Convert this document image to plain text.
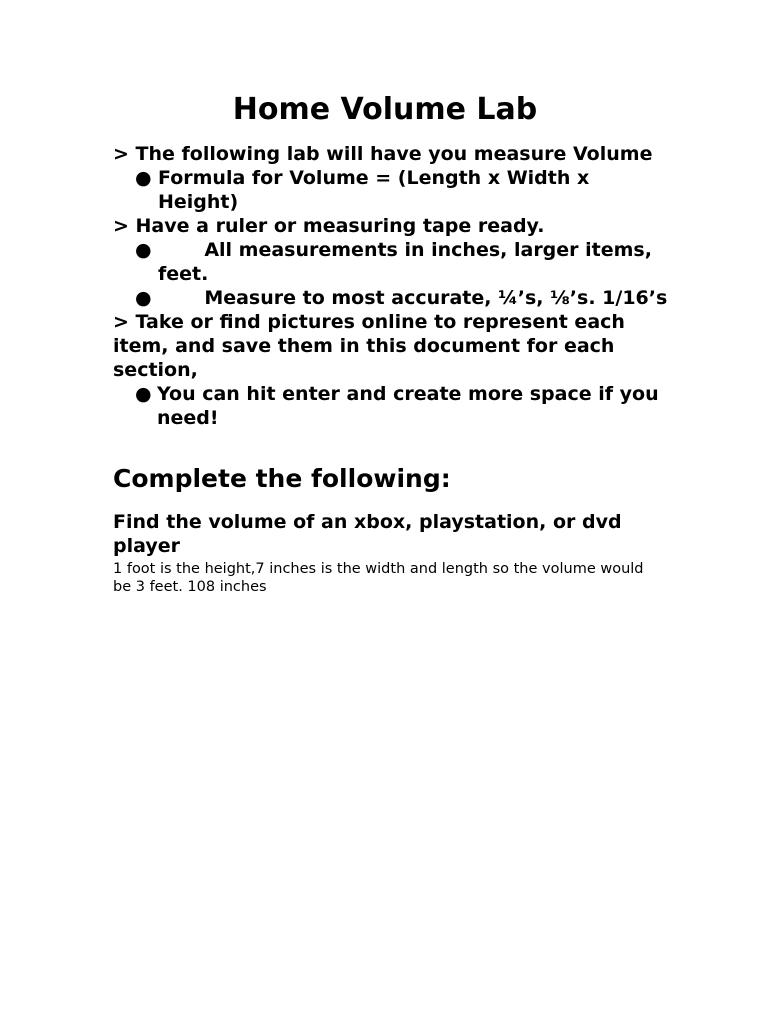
Home Volume Lab

> The following lab will have you measure Volume

● Formula for Volume = (Length x Width x Height)

> Have a ruler or measuring tape ready.

● All measurements in inches, larger items, feet.
● Measure to most accurate, ¼’s, ⅛’s. 1/16’s

> Take or find pictures online to represent each item, and save them in this document for each section,

● You can hit enter and create more space if you need!
Complete the following:

Find the volume of an xbox, playstation, or dvd player

1 foot is the height,7 inches is the width and length so the volume would be 3 feet. 108 inches
